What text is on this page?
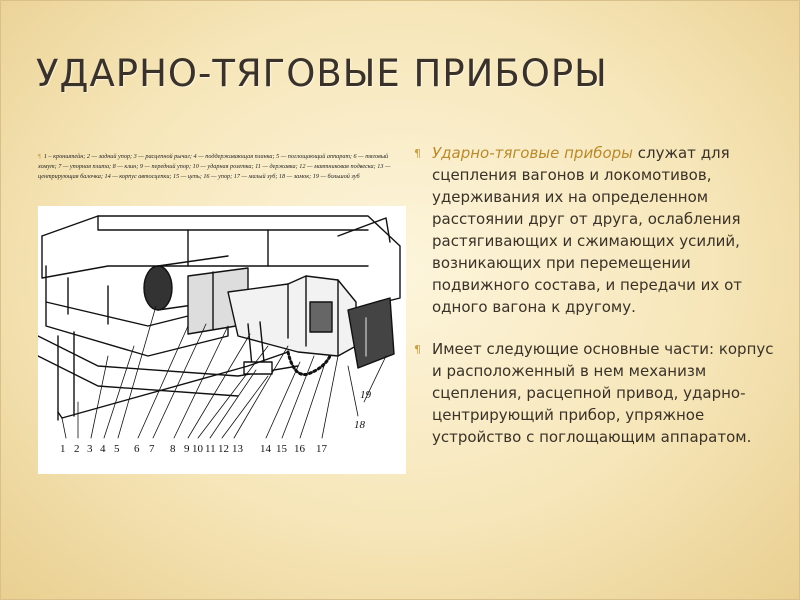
УДАРНО-ТЯГОВЫЕ ПРИБОРЫ
¶ 1 – кронштейн; 2 — задний упор; 3 — расцепной рычаг; 4 — поддерживающая планка; 5 — поглощающий аппарат; 6 — тяговый хомут; 7 — упорная плита; 8 — клин; 9 — передний упор; 10 — ударная розетка; 11 — державка; 12 — маятниковая подвеска; 13 — центрирующая балочка; 14 — корпус автосцепки; 15 — цепь; 16 — упор; 17 — малый зуб; 18 — замок; 19 — большой зуб
1 2 3 4 5 6 7 8 9 10 11 12 13 14 15 16 17
18
19
¶ Ударно-тяговые приборы служат для сцепления вагонов и локомотивов, удерживания их на определенном расстоянии друг от друга, ослабления растягивающих и сжимающих усилий, возникающих при перемещении подвижного состава, и передачи их от одного вагона к другому.
¶ Имеет следующие основные части: корпус и расположенный в нем механизм сцепления, расцепной привод, ударно-центрирующий прибор, упряжное устройство с поглощающим аппаратом.
